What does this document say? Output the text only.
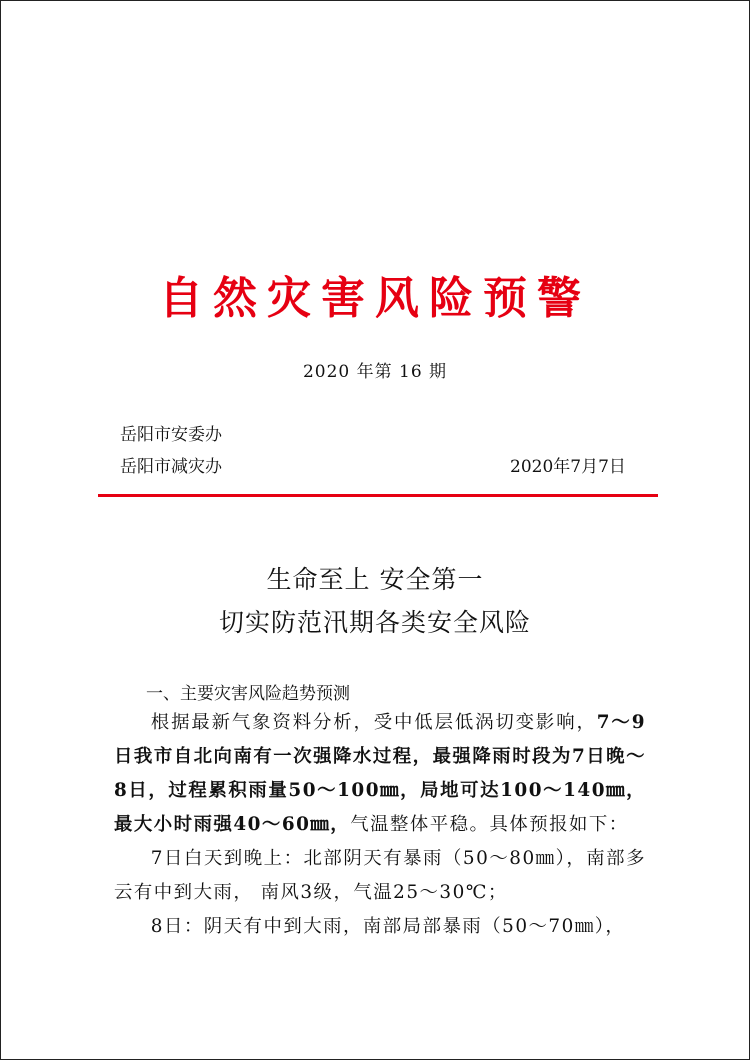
自然灾害风险预警
2020 年第 16 期
岳阳市安委办
岳阳市减灾办	2020年7月7日
生命至上 安全第一
切实防范汛期各类安全风险
一、主要灾害风险趋势预测

根据最新气象资料分析，受中低层低涡切变影响，7～9日我市自北向南有一次强降水过程，最强降雨时段为7日晚～8日，过程累积雨量50～100㎜，局地可达100～140㎜，最大小时雨强40～60㎜，气温整体平稳。具体预报如下：

7日白天到晚上：北部阴天有暴雨（50～80㎜），南部多云有中到大雨， 南风3级，气温25～30℃；

8日：阴天有中到大雨，南部局部暴雨（50～70㎜），
